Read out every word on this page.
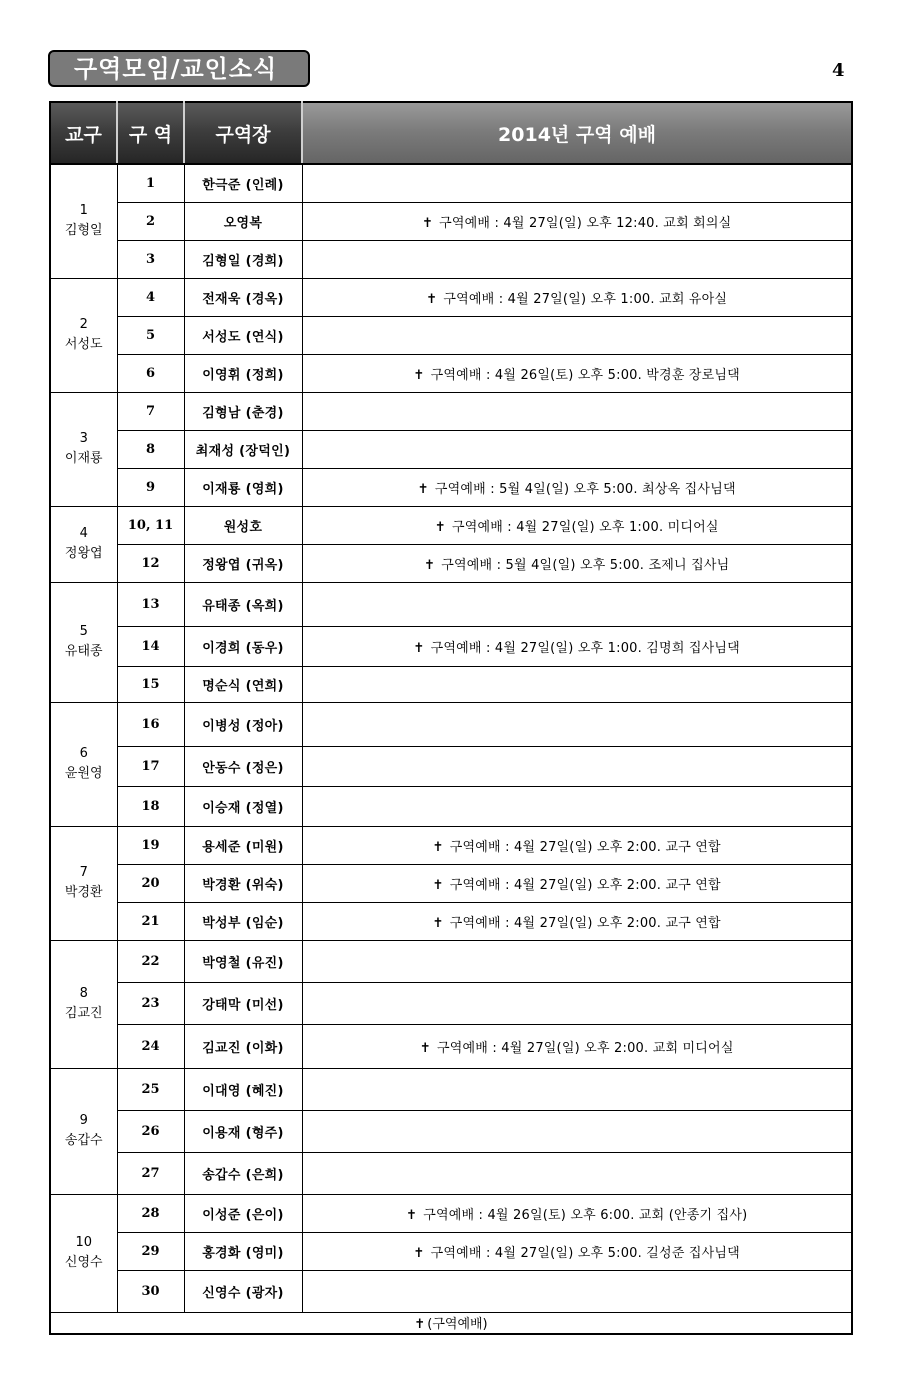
구역모임/교인소식	4
교구	구 역	구역장	2014년 구역 예배

1
김형일	1	한극준 (인례)	
	2	오영복	✝ 구역예배 : 4월 27일(일) 오후 12:40. 교회 회의실
	3	김형일 (경희)	

2
서성도	4	전재욱 (경옥)	✝ 구역예배 : 4월 27일(일) 오후 1:00. 교회 유아실
	5	서성도 (연식)	
	6	이영휘 (정희)	✝ 구역예배 : 4월 26일(토) 오후 5:00. 박경훈 장로님댁

3
이재룡	7	김형남 (춘경)	
	8	최재성 (장덕인)	
	9	이재룡 (영희)	✝ 구역예배 : 5월 4일(일) 오후 5:00. 최상옥 집사님댁

4
정왕엽	10, 11	원성호	✝ 구역예배 : 4월 27일(일) 오후 1:00. 미디어실
	12	정왕엽 (귀옥)	✝ 구역예배 : 5월 4일(일) 오후 5:00. 조제니 집사님

5
유태종	13	유태종 (옥희)	
	14	이경희 (동우)	✝ 구역예배 : 4월 27일(일) 오후 1:00. 김명희 집사님댁
	15	명순식 (연희)	

6
윤원영	16	이병성 (정아)	
	17	안동수 (정은)	
	18	이승재 (정열)	

7
박경환	19	용세준 (미원)	✝ 구역예배 : 4월 27일(일) 오후 2:00. 교구 연합
	20	박경환 (위숙)	✝ 구역예배 : 4월 27일(일) 오후 2:00. 교구 연합
	21	박성부 (임순)	✝ 구역예배 : 4월 27일(일) 오후 2:00. 교구 연합

8
김교진	22	박영철 (유진)	
	23	강태막 (미선)	
	24	김교진 (이화)	✝ 구역예배 : 4월 27일(일) 오후 2:00. 교회 미디어실

9
송갑수	25	이대영 (혜진)	
	26	이용재 (형주)	
	27	송갑수 (은희)	

10
신영수	28	이성준 (은이)	✝ 구역예배 : 4월 26일(토) 오후 6:00. 교회 (안종기 집사)
	29	홍경화 (영미)	✝ 구역예배 : 4월 27일(일) 오후 5:00. 길성준 집사님댁
	30	신영수 (광자)	
✝ (구역예배)			
